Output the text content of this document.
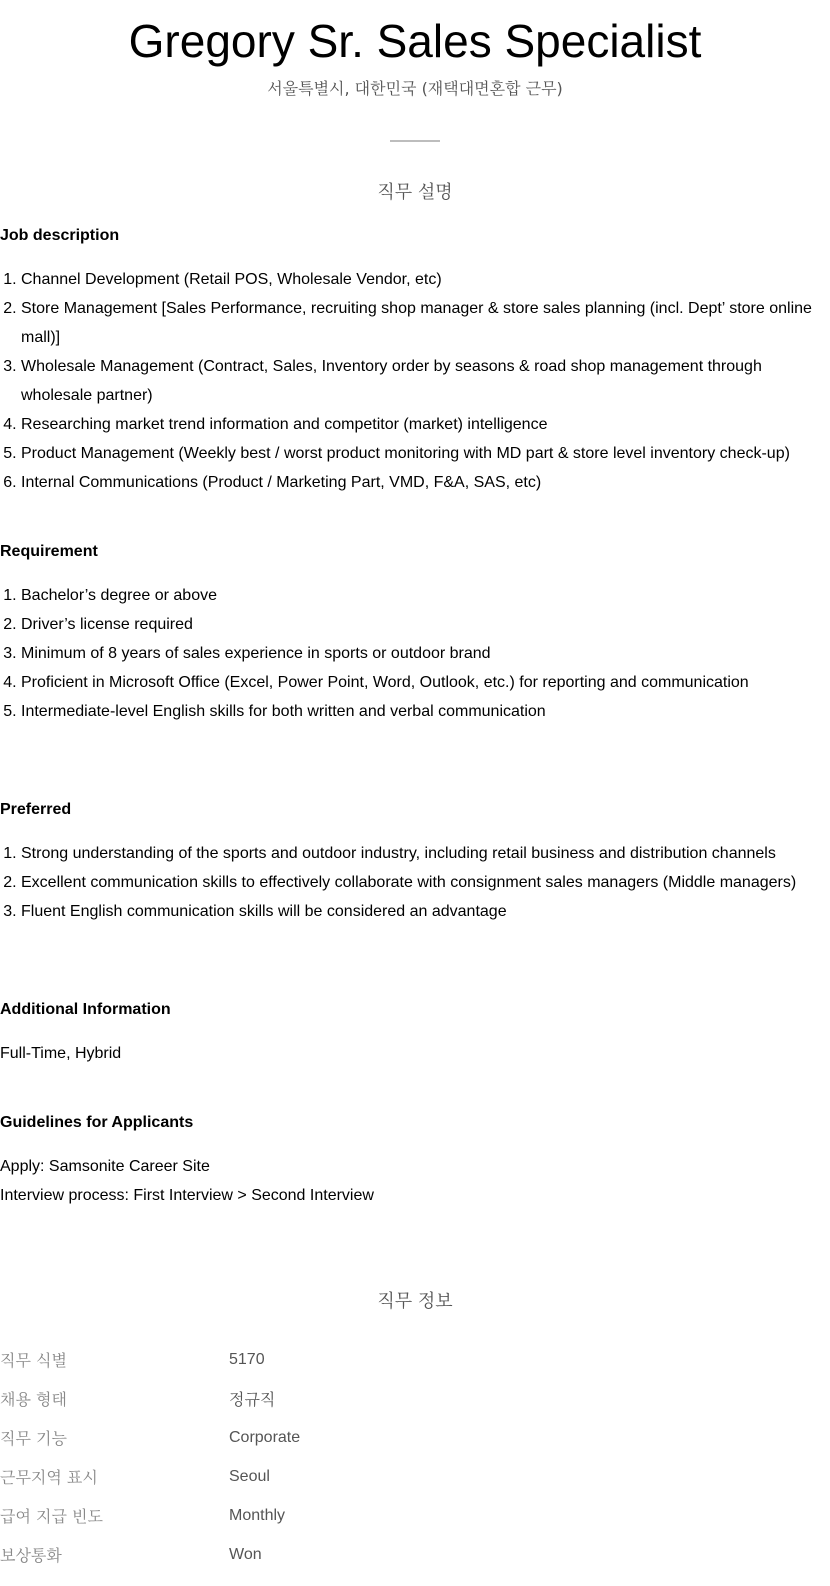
Gregory Sr. Sales Specialist
서울특별시, 대한민국 (재택대면혼합 근무)
직무 설명

Job description

1. Channel Development (Retail POS, Wholesale Vendor, etc)
2. Store Management [Sales Performance, recruiting shop manager & store sales planning (incl. Dept’ store online mall)]
3. Wholesale Management (Contract, Sales, Inventory order by seasons & road shop management through wholesale partner)
4. Researching market trend information and competitor (market) intelligence
5. Product Management (Weekly best / worst product monitoring with MD part & store level inventory check-up)
6. Internal Communications (Product / Marketing Part, VMD, F&A, SAS, etc)

Requirement

1. Bachelor’s degree or above
2. Driver’s license required
3. Minimum of 8 years of sales experience in sports or outdoor brand
4. Proficient in Microsoft Office (Excel, Power Point, Word, Outlook, etc.) for reporting and communication
5. Intermediate-level English skills for both written and verbal communication

Preferred

1. Strong understanding of the sports and outdoor industry, including retail business and distribution channels
2. Excellent communication skills to effectively collaborate with consignment sales managers (Middle managers)
3. Fluent English communication skills will be considered an advantage

Additional Information

Full-Time, Hybrid

Guidelines for Applicants

Apply: Samsonite Career Site

Interview process: First Interview > Second Interview

직무 정보
직무 식별	5170
채용 형태	정규직
직무 기능	Corporate
근무지역 표시	Seoul
급여 지급 빈도	Monthly
보상통화	Won
